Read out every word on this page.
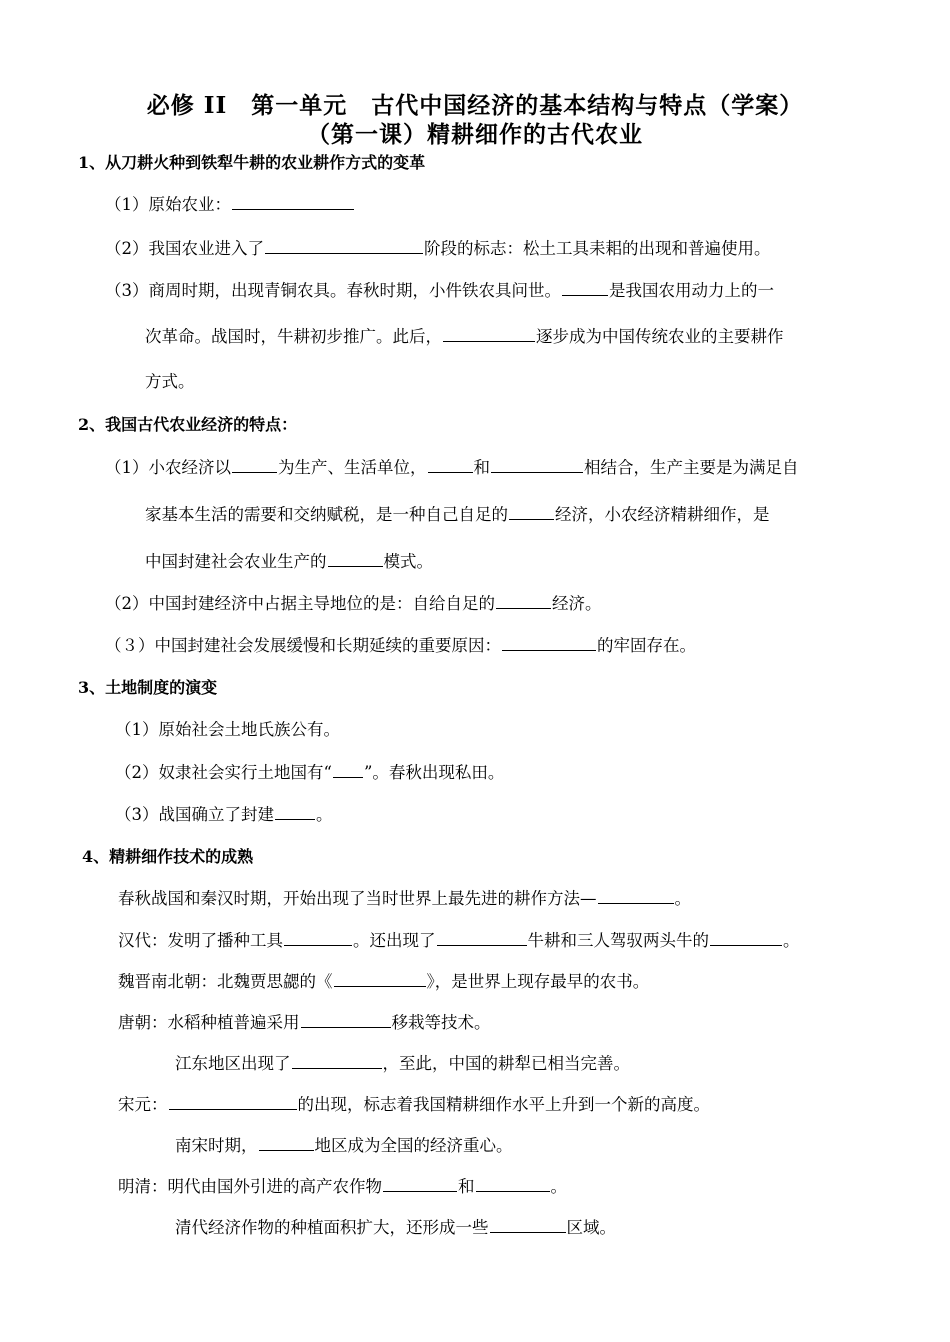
必修 II　第一单元　古代中国经济的基本结构与特点（学案）
（第一课）精耕细作的古代农业
1、从刀耕火种到铁犁牛耕的农业耕作方式的变革
（1）原始农业：
（2）我国农业进入了	阶段的标志：松土工具耒耜的出现和普遍使用。
（3）商周时期，出现青铜农具。春秋时期，小件铁农具问世。	是我国农用动力上的一
次革命。战国时，牛耕初步推广。此后，	逐步成为中国传统农业的主要耕作
方式。
2、我国古代农业经济的特点：
（1）小农经济以	为生产、生活单位，	和	相结合，生产主要是为满足自
家基本生活的需要和交纳赋税，是一种自己自足的	经济，小农经济精耕细作，是
中国封建社会农业生产的	模式。
（2）中国封建经济中占据主导地位的是：自给自足的	经济。
（３）中国封建社会发展缓慢和长期延续的重要原因：	的牢固存在。
3、土地制度的演变
（1）原始社会土地氏族公有。
（2）奴隶社会实行土地国有“ ”。春秋出现私田。
（3）战国确立了封建	。
4、精耕细作技术的成熟
春秋战国和秦汉时期，开始出现了当时世界上最先进的耕作方法—	。
汉代：发明了播种工具	。还出现了	牛耕和三人驾驭两头牛的	。
魏晋南北朝：北魏贾思勰的《	》，是世界上现存最早的农书。
唐朝：水稻种植普遍采用	移栽等技术。
江东地区出现了	，至此，中国的耕犁已相当完善。
宋元：	的出现，标志着我国精耕细作水平上升到一个新的高度。
南宋时期，	地区成为全国的经济重心。
明清：明代由国外引进的高产农作物	和	。
清代经济作物的种植面积扩大，还形成一些	区域。
